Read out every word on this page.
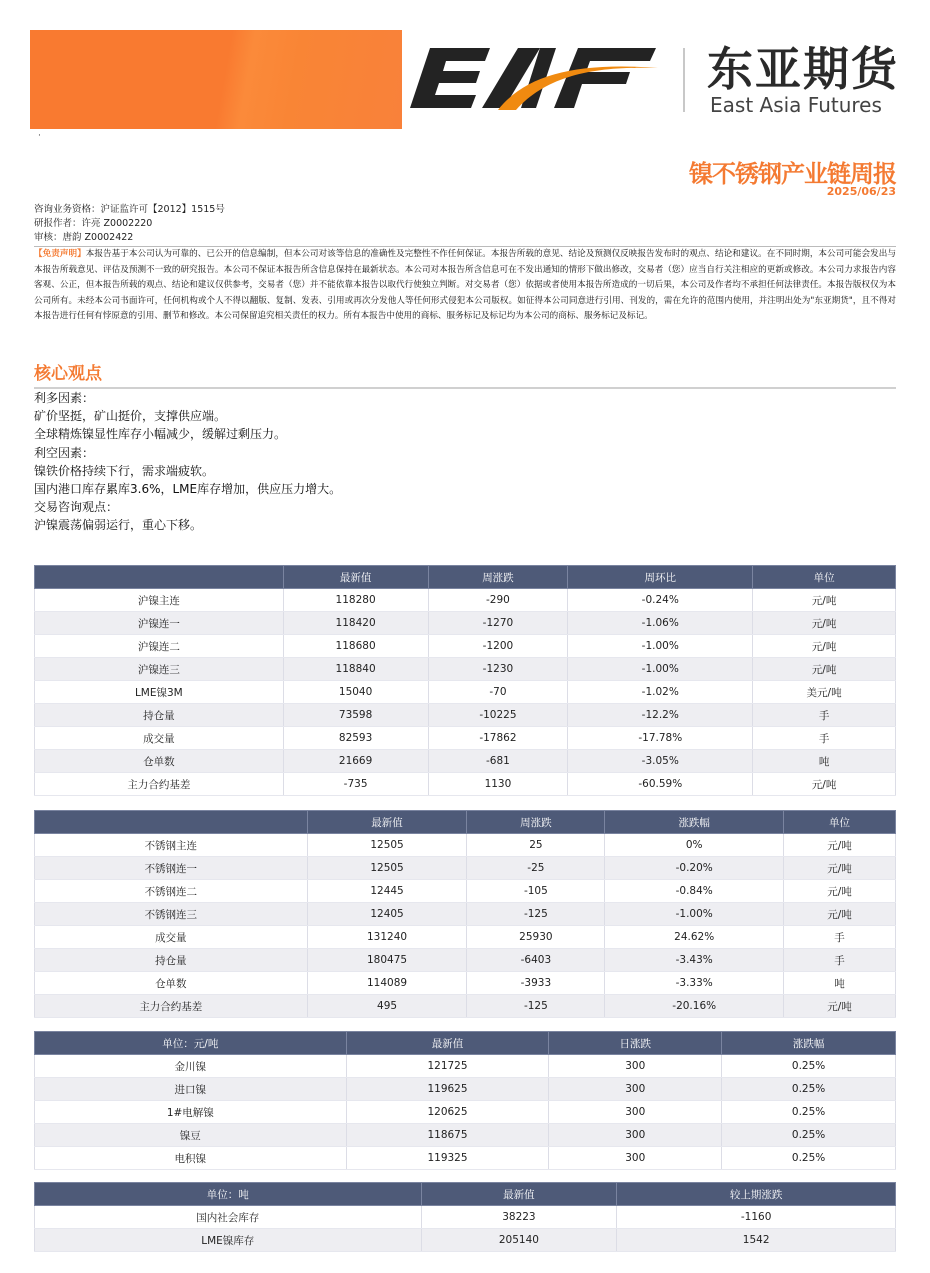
·
东亚期货
East Asia Futures
镍不锈钢产业链周报
2025/06/23
咨询业务资格：沪证监许可【2012】1515号
研报作者：许亮 Z0002220
审核：唐韵 Z0002422
【免责声明】本报告基于本公司认为可靠的、已公开的信息编制，但本公司对该等信息的准确性及完整性不作任何保证。本报告所载的意见、结论及预测仅反映报告发布时的观点、结论和建议。在不同时期，本公司可能会发出与本报告所载意见、评估及预测不一致的研究报告。本公司不保证本报告所含信息保持在最新状态。本公司对本报告所含信息可在不发出通知的情形下做出修改，交易者（您）应当自行关注相应的更新或修改。本公司力求报告内容客观、公正，但本报告所载的观点、结论和建议仅供参考，交易者（您）并不能依靠本报告以取代行使独立判断。对交易者（您）依据或者使用本报告所造成的一切后果，本公司及作者均不承担任何法律责任。本报告版权仅为本公司所有。未经本公司书面许可，任何机构或个人不得以翻版、复制、发表、引用或再次分发他人等任何形式侵犯本公司版权。如征得本公司同意进行引用、刊发的，需在允许的范围内使用，并注明出处为"东亚期货"，且不得对本报告进行任何有悖原意的引用、删节和修改。本公司保留追究相关责任的权力。所有本报告中使用的商标、服务标记及标记均为本公司的商标、服务标记及标记。
核心观点
利多因素：
矿价坚挺，矿山挺价，支撑供应端。
全球精炼镍显性库存小幅减少，缓解过剩压力。
利空因素：
镍铁价格持续下行，需求端疲软。
国内港口库存累库3.6%，LME库存增加，供应压力增大。
交易咨询观点：
沪镍震荡偏弱运行，重心下移。
	最新值	周涨跌	周环比	单位
沪镍主连	118280	-290	-0.24%	元/吨
沪镍连一	118420	-1270	-1.06%	元/吨
沪镍连二	118680	-1200	-1.00%	元/吨
沪镍连三	118840	-1230	-1.00%	元/吨
LME镍3M	15040	-70	-1.02%	美元/吨
持仓量	73598	-10225	-12.2%	手
成交量	82593	-17862	-17.78%	手
仓单数	21669	-681	-3.05%	吨
主力合约基差	-735	1130	-60.59%	元/吨
	最新值	周涨跌	涨跌幅	单位
不锈钢主连	12505	25	0%	元/吨
不锈钢连一	12505	-25	-0.20%	元/吨
不锈钢连二	12445	-105	-0.84%	元/吨
不锈钢连三	12405	-125	-1.00%	元/吨
成交量	131240	25930	24.62%	手
持仓量	180475	-6403	-3.43%	手
仓单数	114089	-3933	-3.33%	吨
主力合约基差	495	-125	-20.16%	元/吨
单位：元/吨	最新值	日涨跌	涨跌幅
金川镍	121725	300	0.25%
进口镍	119625	300	0.25%
1#电解镍	120625	300	0.25%
镍豆	118675	300	0.25%
电积镍	119325	300	0.25%
单位：吨	最新值	较上期涨跌
国内社会库存	38223	-1160
LME镍库存	205140	1542
